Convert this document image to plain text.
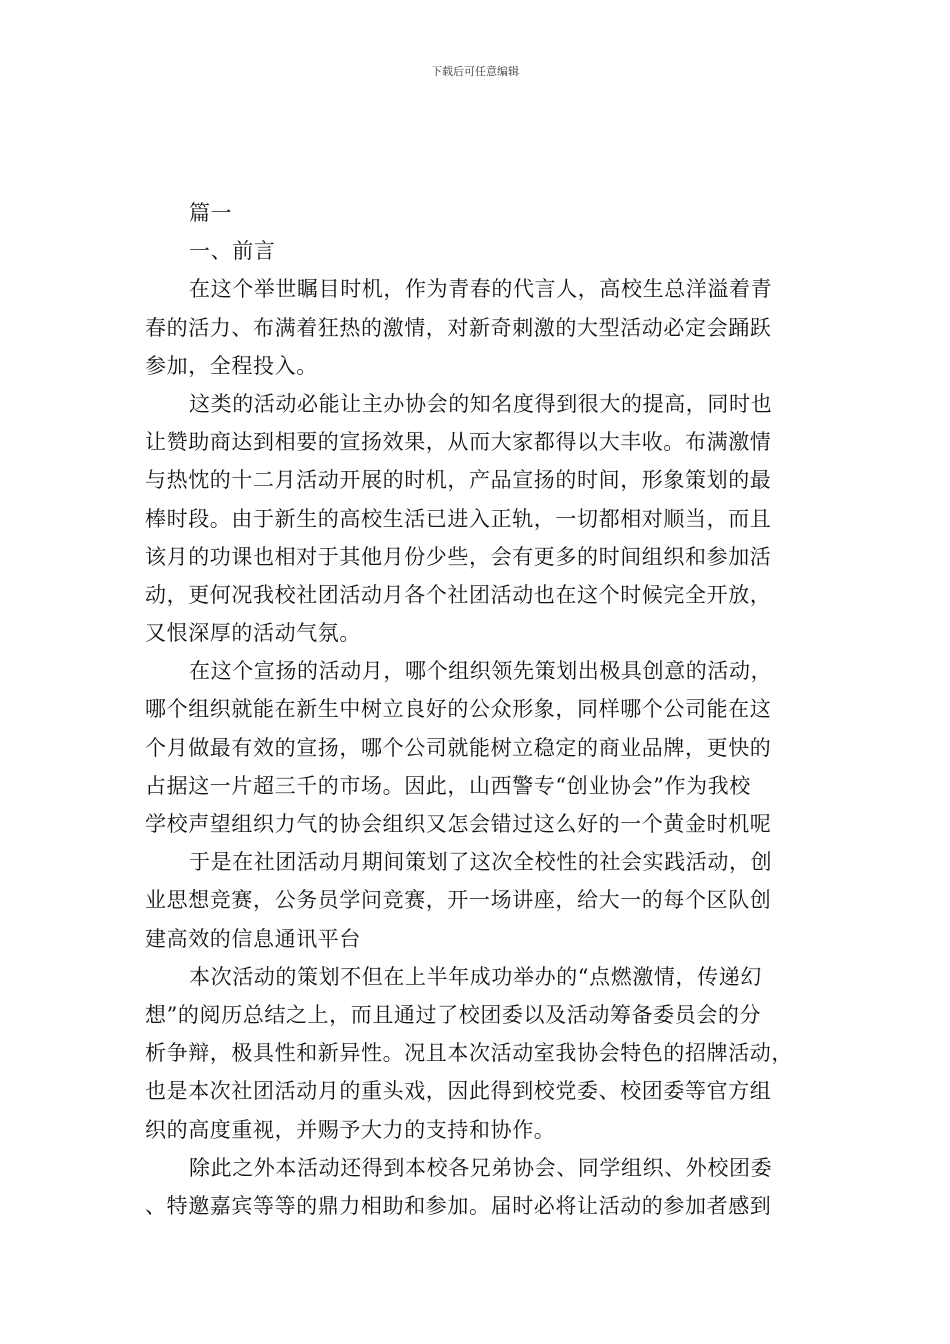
下载后可任意编辑
篇一
一、前言
在这个举世瞩目时机，作为青春的代言人，高校生总洋溢着青
春的活力、布满着狂热的激情，对新奇刺激的大型活动必定会踊跃
参加，全程投入。
这类的活动必能让主办协会的知名度得到很大的提高，同时也
让赞助商达到相要的宣扬效果，从而大家都得以大丰收。布满激情
与热忱的十二月活动开展的时机，产品宣扬的时间，形象策划的最
棒时段。由于新生的高校生活已进入正轨，一切都相对顺当，而且
该月的功课也相对于其他月份少些，会有更多的时间组织和参加活
动，更何况我校社团活动月各个社团活动也在这个时候完全开放，
又恨深厚的活动气氛。
在这个宣扬的活动月，哪个组织领先策划出极具创意的活动，
哪个组织就能在新生中树立良好的公众形象，同样哪个公司能在这
个月做最有效的宣扬，哪个公司就能树立稳定的商业品牌，更快的
占据这一片超三千的市场。因此，山西警专“创业协会”作为我校
学校声望组织力气的协会组织又怎会错过这么好的一个黄金时机呢
于是在社团活动月期间策划了这次全校性的社会实践活动，创
业思想竞赛，公务员学问竞赛，开一场讲座，给大一的每个区队创
建高效的信息通讯平台
本次活动的策划不但在上半年成功举办的“点燃激情，传递幻
想”的阅历总结之上，而且通过了校团委以及活动筹备委员会的分
析争辩，极具性和新异性。况且本次活动室我协会特色的招牌活动，
也是本次社团活动月的重头戏，因此得到校党委、校团委等官方组
织的高度重视，并赐予大力的支持和协作。
除此之外本活动还得到本校各兄弟协会、同学组织、外校团委
、特邀嘉宾等等的鼎力相助和参加。届时必将让活动的参加者感到
